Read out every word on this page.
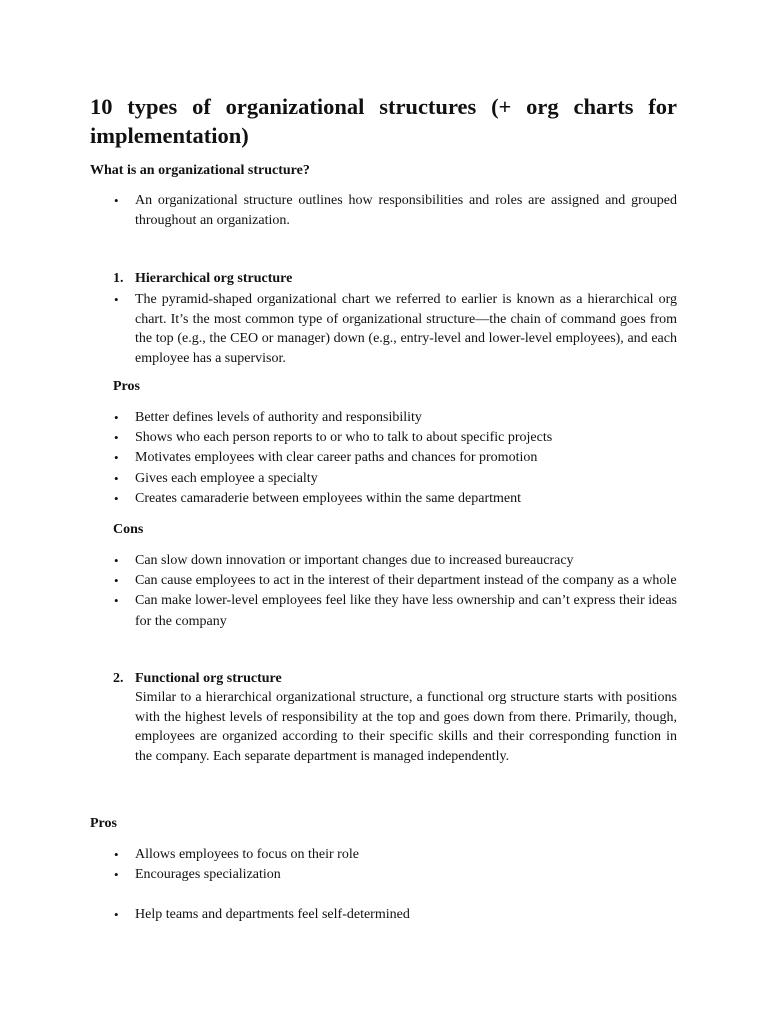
10 types of organizational structures (+ org charts for implementation)

What is an organizational structure?

• An organizational structure outlines how responsibilities and roles are assigned and grouped throughout an organization.
1. Hierarchical org structure

• The pyramid-shaped organizational chart we referred to earlier is known as a hierarchical org chart. It’s the most common type of organizational structure—the chain of command goes from the top (e.g., the CEO or manager) down (e.g., entry-level and lower-level employees), and each employee has a supervisor.

Pros

• Better defines levels of authority and responsibility
• Shows who each person reports to or who to talk to about specific projects
• Motivates employees with clear career paths and chances for promotion
• Gives each employee a specialty
• Creates camaraderie between employees within the same department

Cons

• Can slow down innovation or important changes due to increased bureaucracy
• Can cause employees to act in the interest of their department instead of the company as a whole
• Can make lower-level employees feel like they have less ownership and can’t express their ideas for the company
2. Functional org structure

Similar to a hierarchical organizational structure, a functional org structure starts with positions with the highest levels of responsibility at the top and goes down from there. Primarily, though, employees are organized according to their specific skills and their corresponding function in the company. Each separate department is managed independently.

Pros

• Allows employees to focus on their role
• Encourages specialization
• Help teams and departments feel self-determined
